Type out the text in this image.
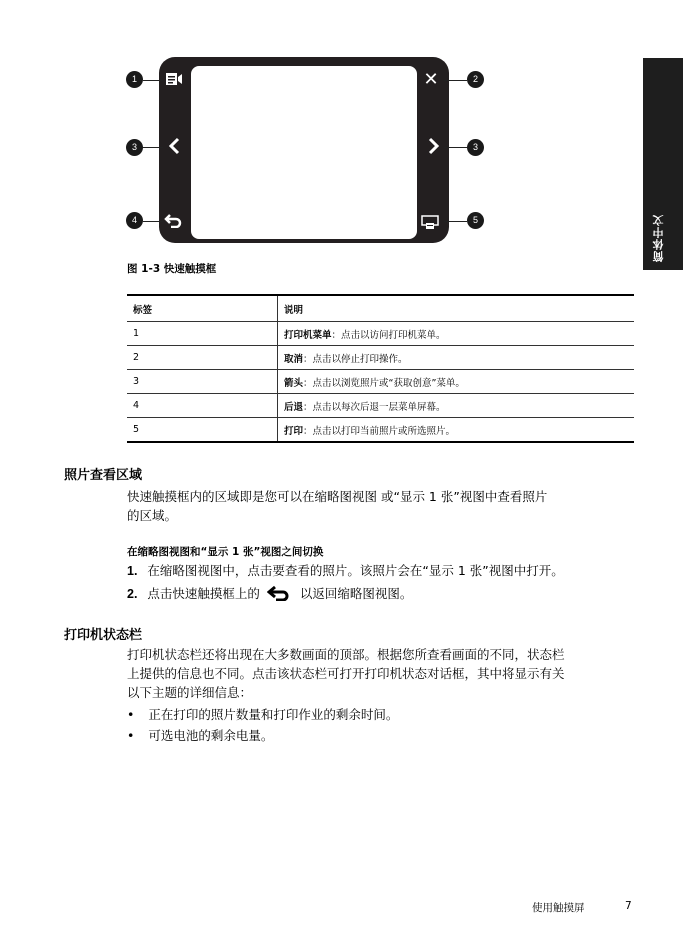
简体中文
✕
1	2
3	3
4	5
图 1-3 快速触摸框
标签	说明
1	打印机菜单：点击以访问打印机菜单。
2	取消：点击以停止打印操作。
3	箭头：点击以浏览照片或“获取创意”菜单。
4	后退：点击以每次后退一层菜单屏幕。
5	打印：点击以打印当前照片或所选照片。
照片查看区域
快速触摸框内的区域即是您可以在缩略图视图 或“显示 1 张”视图中查看照片
的区域。
在缩略图视图和“显示 1 张”视图之间切换
1. 在缩略图视图中，点击要查看的照片。该照片会在“显示 1 张”视图中打开。
2. 点击快速触摸框上的	以返回缩略图视图。
打印机状态栏
打印机状态栏还将出现在大多数画面的顶部。根据您所查看画面的不同，状态栏
上提供的信息也不同。点击该状态栏可打开打印机状态对话框，其中将显示有关
以下主题的详细信息：
• 正在打印的照片数量和打印作业的剩余时间。
• 可选电池的剩余电量。
使用触摸屏	7
